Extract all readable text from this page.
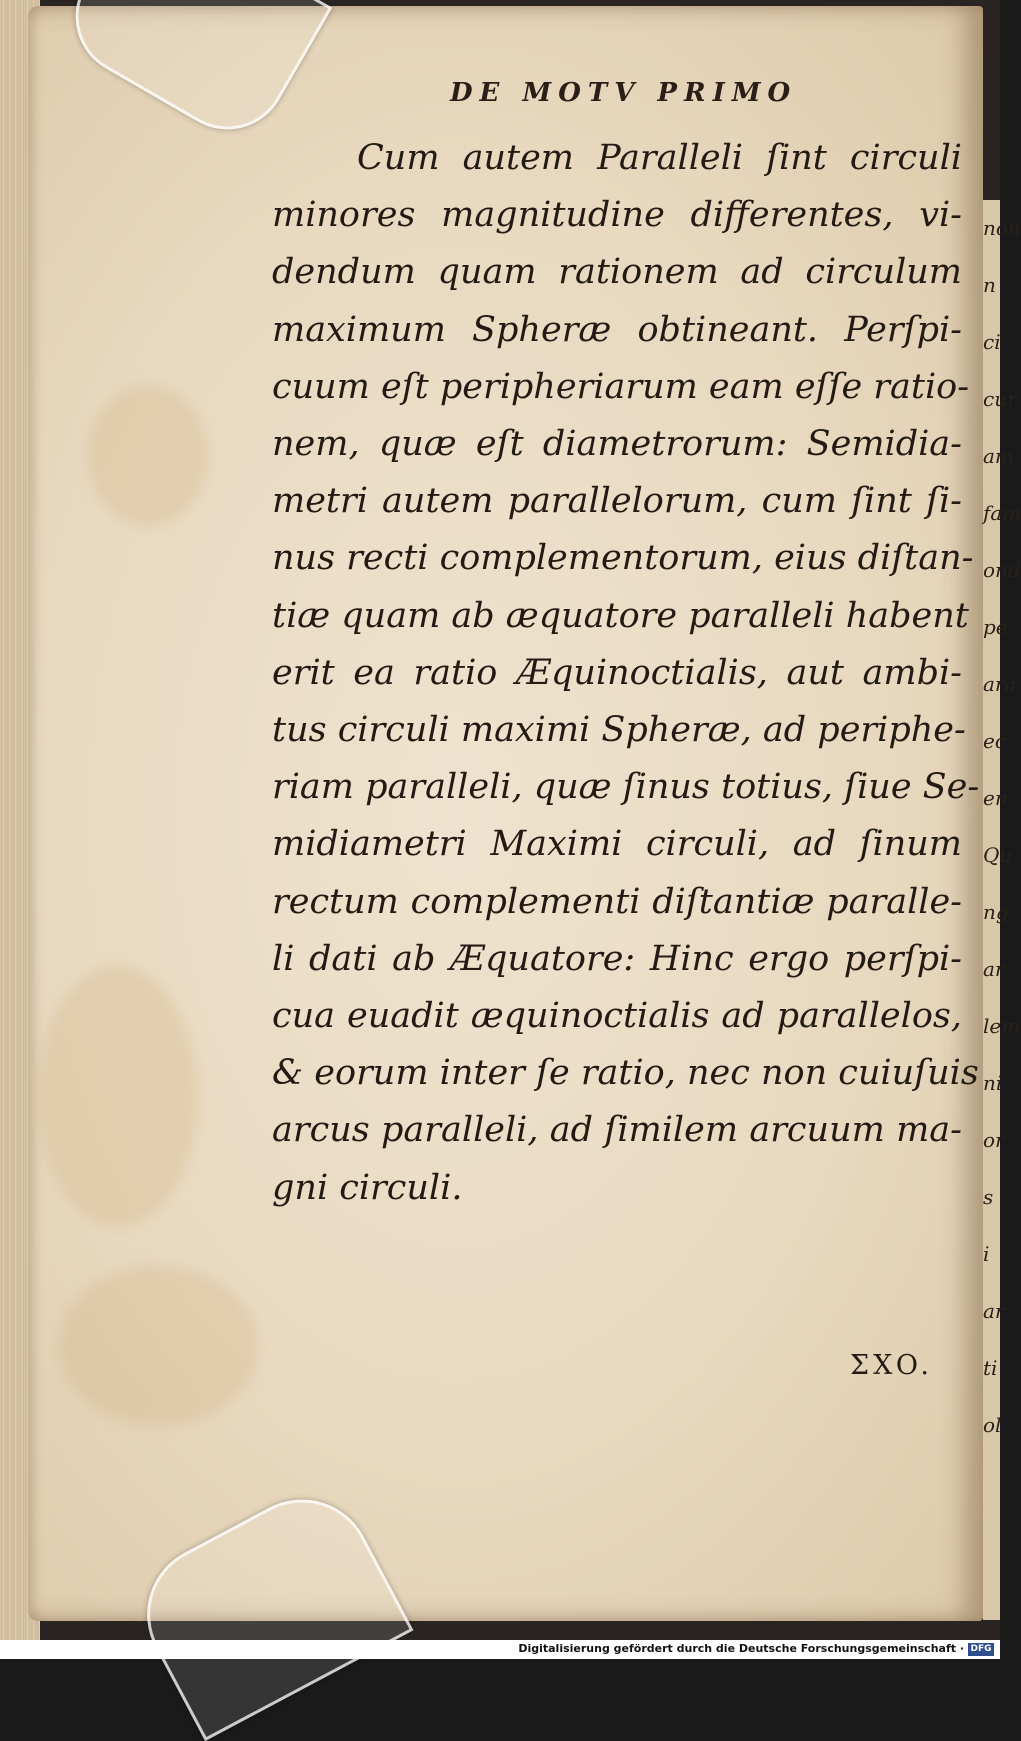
non
n
ci
cur
am
fam
ond
pe
ara
ec
en
Qu
ng
ar
lem
ni
or
s
i
ar
ti
ol
DE MOTV PRIMO
Cum autem Paralleli ſint circuli
minores magnitudine differentes, vi-
dendum quam rationem ad circulum
maximum Spheræ obtineant. Perſpi-
cuum eſt peripheriarum eam eſſe ratio-
nem, quæ eſt diametrorum: Semidia-
metri autem parallelorum, cum ſint ſi-
nus recti complementorum, eius diſtan-
tiæ quam ab æquatore paralleli habent
erit ea ratio Æquinoctialis, aut ambi-
tus circuli maximi Spheræ, ad periphe-
riam paralleli, quæ ſinus totius, ſiue Se-
midiametri Maximi circuli, ad ſinum
rectum complementi diſtantiæ paralle-
li dati ab Æquatore: Hinc ergo perſpi-
cua euadit æquinoctialis ad parallelos,
& eorum inter ſe ratio, nec non cuiuſuis
arcus paralleli, ad ſimilem arcuum ma-
gni circuli.
ΣXO.
Digitalisierung gefördert durch die Deutsche Forschungsgemeinschaft · DFG
